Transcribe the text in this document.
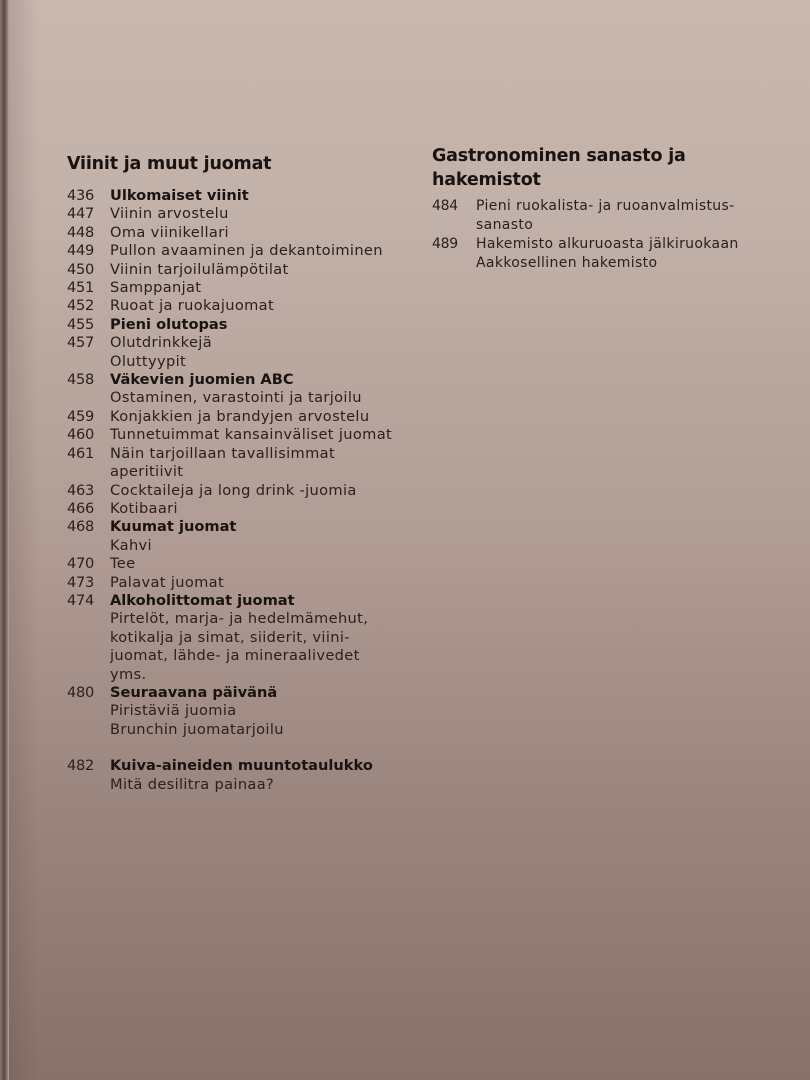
Viinit ja muut juomat
436	Ulkomaiset viinit
447	Viinin arvostelu
448	Oma viinikellari
449	Pullon avaaminen ja dekantoiminen
450	Viinin tarjoilulämpötilat
451	Samppanjat
452	Ruoat ja ruokajuomat
455	Pieni olutopas
457	Olutdrinkkejä
Oluttyypit
458	Väkevien juomien ABC
Ostaminen, varastointi ja tarjoilu
459	Konjakkien ja brandyjen arvostelu
460	Tunnetuimmat kansainväliset juomat
461	Näin tarjoillaan tavallisimmat
aperitiivit
463	Cocktaileja ja long drink -juomia
466	Kotibaari
468	Kuumat juomat
Kahvi
470	Tee
473	Palavat juomat
474	Alkoholittomat juomat
Pirtelöt, marja- ja hedelmämehut,
kotikalja ja simat, siiderit, viini-
juomat, lähde- ja mineraalivedet
yms.
480	Seuraavana päivänä
Piristäviä juomia
Brunchin juomatarjoilu
482	Kuiva-aineiden muuntotaulukko
Mitä desilitra painaa?
Gastronominen sanasto ja
hakemistot
484	Pieni ruokalista- ja ruoanvalmistus-
sanasto
489	Hakemisto alkuruoasta jälkiruokaan
Aakkosellinen hakemisto
